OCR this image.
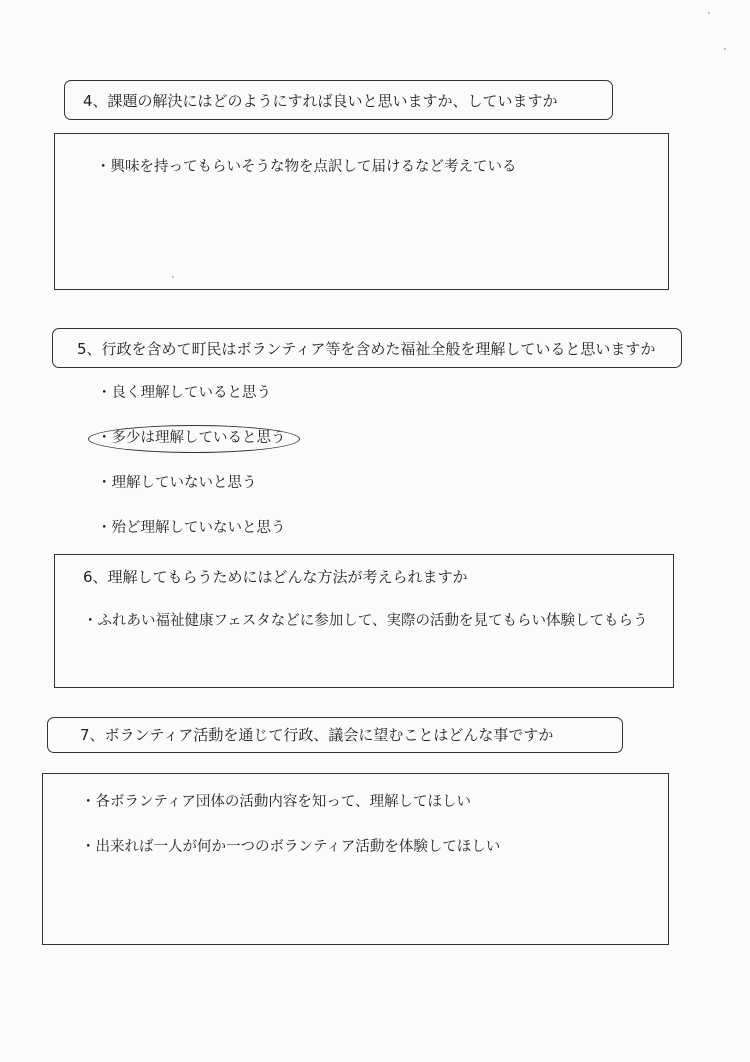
4、課題の解決にはどのようにすれば良いと思いますか、していますか
・興味を持ってもらいそうな物を点訳して届けるなど考えている
5、行政を含めて町民はボランティア等を含めた福祉全般を理解していると思いますか
・良く理解していると思う
・多少は理解していると思う
・理解していないと思う
・殆ど理解していないと思う
6、理解してもらうためにはどんな方法が考えられますか
・ふれあい福祉健康フェスタなどに参加して、実際の活動を見てもらい体験してもらう
7、ボランティア活動を通じて行政、議会に望むことはどんな事ですか
・各ボランティア団体の活動内容を知って、理解してほしい
・出来れば一人が何か一つのボランティア活動を体験してほしい
